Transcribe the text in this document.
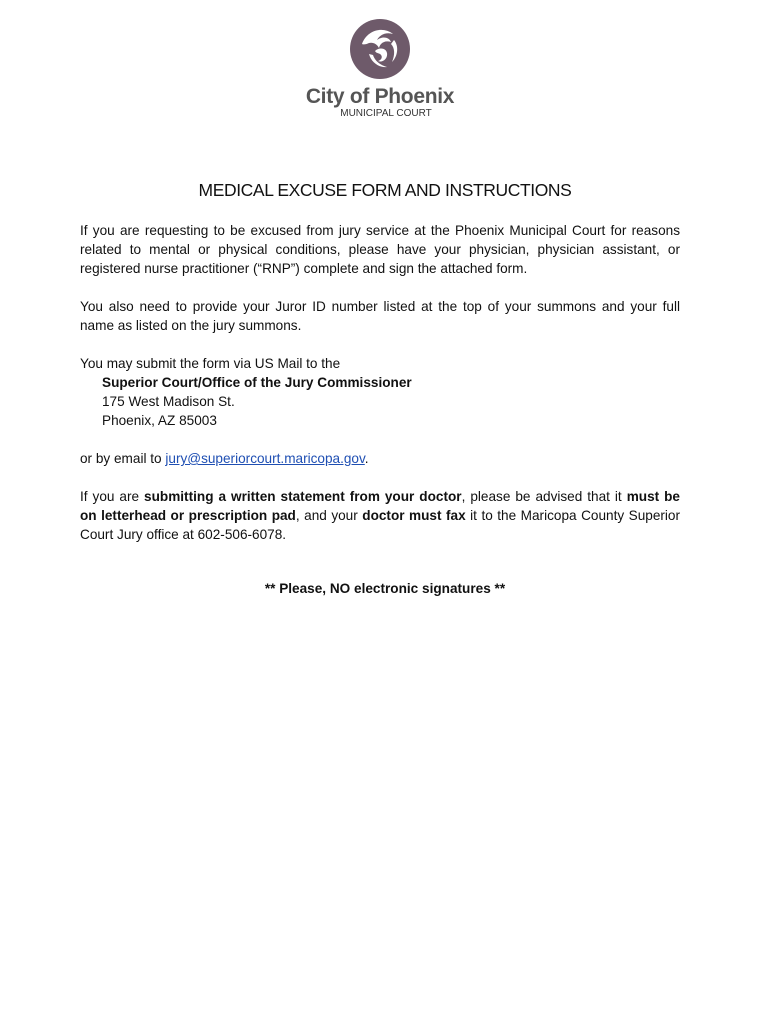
City of Phoenix
MUNICIPAL COURT
MEDICAL EXCUSE FORM AND INSTRUCTIONS
If you are requesting to be excused from jury service at the Phoenix Municipal Court for reasons related to mental or physical conditions, please have your physician, physician assistant, or registered nurse practitioner (“RNP”) complete and sign the attached form.
You also need to provide your Juror ID number listed at the top of your summons and your full name as listed on the jury summons.
You may submit the form via US Mail to the
Superior Court/Office of the Jury Commissioner
175 West Madison St.
Phoenix, AZ 85003
or by email to jury@superiorcourt.maricopa.gov.
If you are submitting a written statement from your doctor, please be advised that it must be on letterhead or prescription pad, and your doctor must fax it to the Maricopa County Superior Court Jury office at 602-506-6078.
** Please, NO electronic signatures **
